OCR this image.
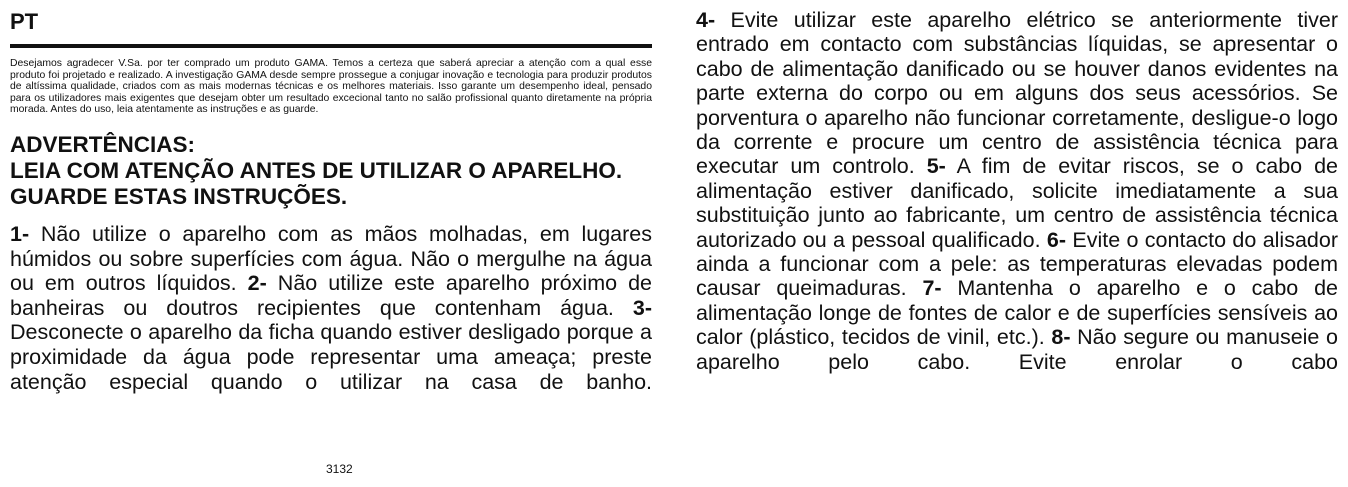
PT

Desejamos agradecer V.Sa. por ter comprado um produto GAMA. Temos a certeza que saberá apreciar a atenção com a qual esse produto foi projetado e realizado. A investigação GAMA desde sempre prossegue a conjugar inovação e tecnologia para produzir produtos de altíssima qualidade, criados com as mais modernas técnicas e os melhores materiais. Isso garante um desempenho ideal, pensado para os utilizadores mais exigentes que desejam obter um resultado excecional tanto no salão profissional quanto diretamente na própria morada. Antes do uso, leia atentamente as instruções e as guarde.

ADVERTÊNCIAS:
LEIA COM ATENÇÃO ANTES DE UTILIZAR O APARELHO.
GUARDE ESTAS INSTRUÇÕES.
1- Não utilize o aparelho com as mãos molhadas, em lugares húmidos ou sobre superfícies com água. Não o mergulhe na água ou em outros líquidos. 2- Não utilize este aparelho próximo de banheiras ou doutros recipientes que contenham água. 3- Desconecte o aparelho da ficha quando estiver desligado porque a proximidade da água pode representar uma ameaça; preste atenção especial quando o utilizar na casa de banho.
3132
4- Evite utilizar este aparelho elétrico se anteriormente tiver entrado em contacto com substâncias líquidas, se apresentar o cabo de alimentação danificado ou se houver danos evidentes na parte externa do corpo ou em alguns dos seus acessórios. Se porventura o aparelho não funcionar corretamente, desligue-o logo da corrente e procure um centro de assistência técnica para executar um controlo. 5- A fim de evitar riscos, se o cabo de alimentação estiver danificado, solicite imediatamente a sua substituição junto ao fabricante, um centro de assistência técnica autorizado ou a pessoal qualificado. 6- Evite o contacto do alisador ainda a funcionar com a pele: as temperaturas elevadas podem causar queimaduras. 7- Mantenha o aparelho e o cabo de alimentação longe de fontes de calor e de superfícies sensíveis ao calor (plástico, tecidos de vinil, etc.). 8- Não segure ou manuseie o aparelho pelo cabo. Evite enrolar o cabo
